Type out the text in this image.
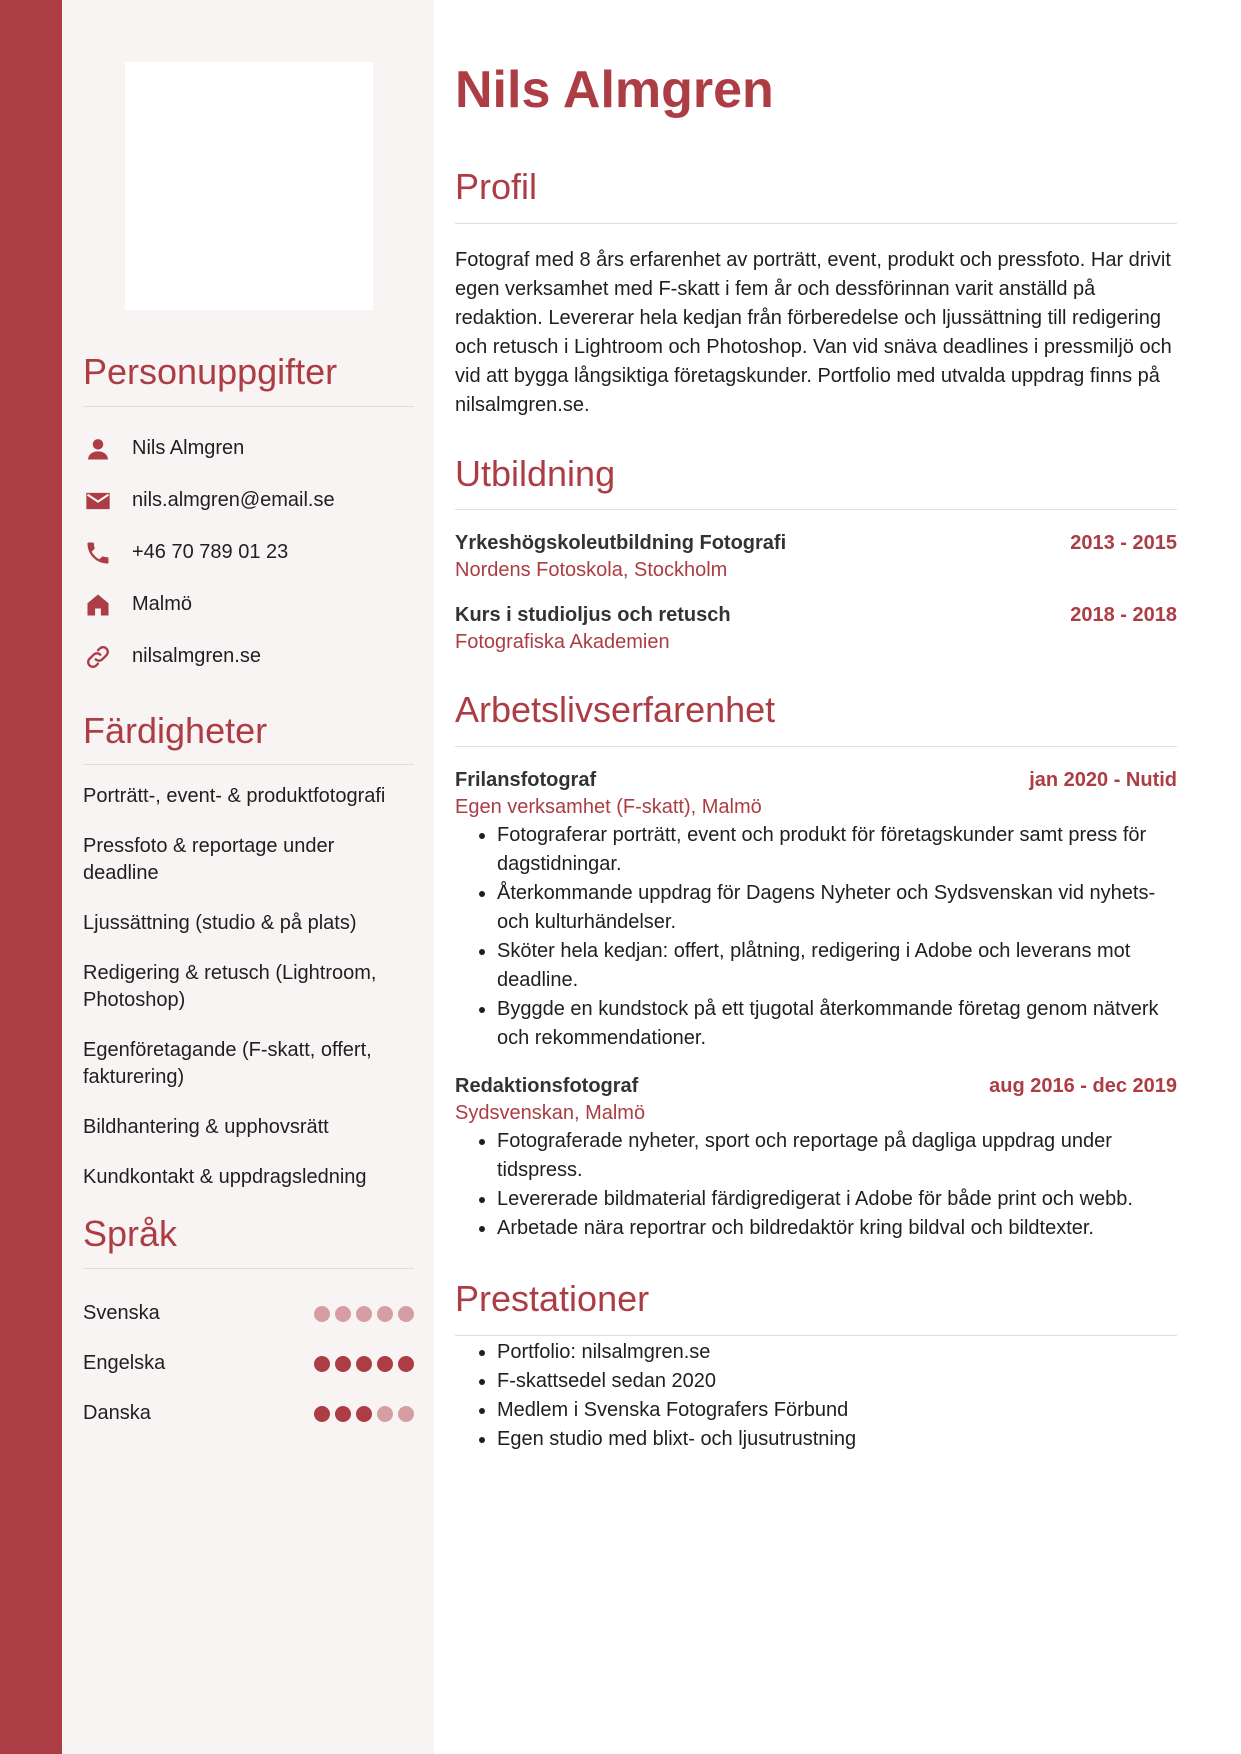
Personuppgifter
Nils Almgren
nils.almgren@email.se
+46 70 789 01 23
Malmö
nilsalmgren.se
Färdigheter
Porträtt-, event- & produktfotografi
Pressfoto & reportage under deadline
Ljussättning (studio & på plats)
Redigering & retusch (Lightroom, Photoshop)
Egenföretagande (F-skatt, offert, fakturering)
Bildhantering & upphovsrätt
Kundkontakt & uppdragsledning
Språk
Svenska
Engelska
Danska
Nils Almgren
Profil

Fotograf med 8 års erfarenhet av porträtt, event, produkt och pressfoto. Har drivit egen verksamhet med F-skatt i fem år och dessförinnan varit anställd på redaktion. Levererar hela kedjan från förberedelse och ljussättning till redigering och retusch i Lightroom och Photoshop. Van vid snäva deadlines i pressmiljö och vid att bygga långsiktiga företagskunder. Portfolio med utvalda uppdrag finns på nilsalmgren.se.

Utbildning
Yrkeshögskoleutbildning Fotografi	2013 - 2015
Nordens Fotoskola, Stockholm
Kurs i studioljus och retusch	2018 - 2018
Fotografiska Akademien
Arbetslivserfarenhet
Frilansfotograf	jan 2020 - Nutid
Egen verksamhet (F-skatt), Malmö
• Fotograferar porträtt, event och produkt för företagskunder samt press för dagstidningar.
• Återkommande uppdrag för Dagens Nyheter och Sydsvenskan vid nyhets- och kulturhändelser.
• Sköter hela kedjan: offert, plåtning, redigering i Adobe och leverans mot deadline.
• Byggde en kundstock på ett tjugotal återkommande företag genom nätverk och rekommendationer.
Redaktionsfotograf	aug 2016 - dec 2019
Sydsvenskan, Malmö
• Fotograferade nyheter, sport och reportage på dagliga uppdrag under tidspress.
• Levererade bildmaterial färdigredigerat i Adobe för både print och webb.
• Arbetade nära reportrar och bildredaktör kring bildval och bildtexter.
Prestationer
• Portfolio: nilsalmgren.se
• F-skattsedel sedan 2020
• Medlem i Svenska Fotografers Förbund
• Egen studio med blixt- och ljusutrustning
